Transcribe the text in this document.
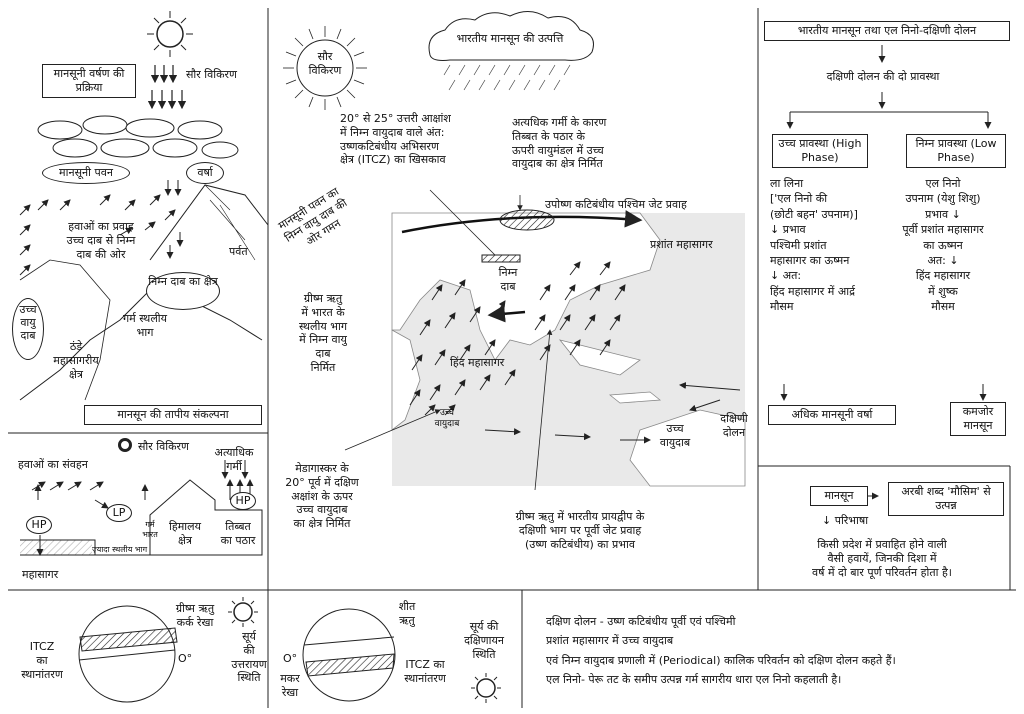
मानसूनी वर्षण की प्रक्रिया
सौर विकिरण
मानसूनी पवन	वर्षा
हवाओं का प्रवाह
उच्च दाब से निम्न
दाब की ओर	पर्वत
निम्न दाब का क्षेत्र
गर्म स्थलीय
भाग
उच्च वायु दाब
ठंडे
महासागरीय
क्षेत्र
मानसून की तापीय संकल्पना
सौर विकिरण
हवाओं का संवहन
अत्याधिक
गर्मी
HP
HP
LP
गर्म
भारत
ज़्यादा स्थलीय भाग
हिमालय
क्षेत्र
तिब्बत
का पठार
महासागर
सौर
विकिरण
भारतीय मानसून की उत्पत्ति
20° से 25° उत्तरी आक्षांश
में निम्न वायुदाब वाले अंत:
उष्णकटिबंधीय अभिसरण
क्षेत्र (ITCZ) का खिसकाव
अत्यधिक गर्मी के कारण
तिब्बत के पठार के
ऊपरी वायुमंडल में उच्च
वायुदाब का क्षेत्र निर्मित
उपोष्ण कटिबंधीय पश्चिम जेट प्रवाह
प्रशांत महासागर
मानसूनी पवन का
निम्न वायु दाब की
ओर गमन
ग्रीष्म ऋतु
में भारत के
स्थलीय भाग
में निम्न वायु
दाब
निर्मित
निम्न
दाब
हिंद महासागर
उच्च
वायुदाब	उच्च
वायुदाब
दक्षिणी
दोलन
मेडागास्कर के
20° पूर्व में दक्षिण
अक्षांश के ऊपर
उच्च वायुदाब
का क्षेत्र निर्मित
ग्रीष्म ऋतु में भारतीय प्रायद्वीप के
दक्षिणी भाग पर पूर्वी जेट प्रवाह
(उष्ण कटिबंधीय) का प्रभाव
भारतीय मानसून तथा एल निनो-दक्षिणी दोलन
दक्षिणी दोलन की दो प्रावस्था
उच्च प्रावस्था (High Phase)
निम्न प्रावस्था (Low Phase)
ला लिना
['एल निनो की
(छोटी बहन' उपनाम)]
↓ प्रभाव
पश्चिमी प्रशांत
महासागर का ऊष्मन
↓ अत:
हिंद महासागर में आर्द्र
मौसम
एल निनो
उपनाम (येशु शिशु)
प्रभाव ↓
पूर्वी प्रशांत महासागर
का ऊष्मन
अत: ↓
हिंद महासागर
में शुष्क
मौसम
अधिक मानसूनी वर्षा	कमजोर मानसून
मानसून	अरबी शब्द 'मौसिम' से उत्पन्न
↓ परिभाषा
किसी प्रदेश में प्रवाहित होने वाली
वैसी हवायें, जिनकी दिशा में
वर्ष में दो बार पूर्ण परिवर्तन होता है।
ग्रीष्म ऋतु
कर्क रेखा
सूर्य
की
उत्तरायण
स्थिति
ITCZ
का
स्थानांतरण
O°
शीत
ऋतु	सूर्य की
दक्षिणायन
स्थिति
O°
मकर
रेखा
ITCZ का
स्थानांतरण
दक्षिण दोलन - उष्ण कटिबंधीय पूर्वी एवं पश्चिमी
प्रशांत महासागर में उच्च वायुदाब
एवं निम्न वायुदाब प्रणाली में (Periodical) कालिक परिवर्तन को दक्षिण दोलन कहते हैं।
एल निनो- पेरू तट के समीप उत्पन्न गर्म सागरीय धारा एल निनो कहलाती है।
